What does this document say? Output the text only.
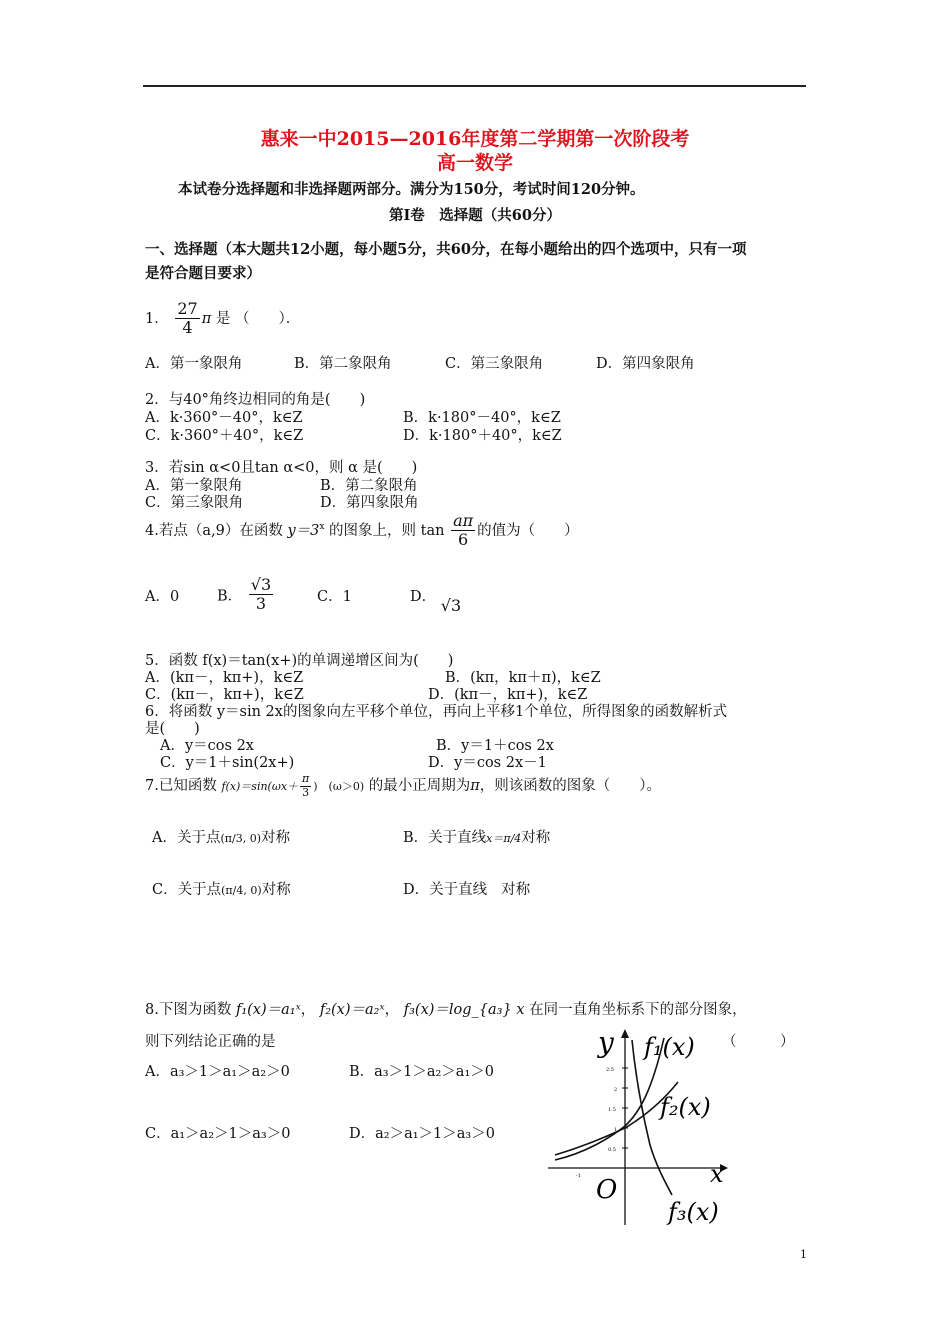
惠来一中2015—2016年度第二学期第一次阶段考
高一数学
本试卷分选择题和非选择题两部分。满分为150分，考试时间120分钟。
第Ⅰ卷　选择题（共60分）
一、选择题（本大题共12小题，每小题5分，共60分，在每小题给出的四个选项中，只有一项
是符合题目要求）
1． $\frac{27}{4}$ π 是 （　　）．
A．第一象限角	B．第二象限角	C．第三象限角	D．第四象限角
2．与40°角终边相同的角是(　　)
A．k·360°－40°，k∈Z	B．k·180°－40°，k∈Z
C．k·360°＋40°，k∈Z	D．k·180°＋40°，k∈Z
3．若sin α<0且tan α<0，则 α 是(　　)
A．第一象限角	B．第二象限角
C．第三象限角	D．第四象限角
4.若点（a,9）在函数 $y=3^x$ 的图象上，则 $\tan \frac{a\pi}{6}$ 的值为（　　）
A．0	B． $\frac{√3}{3}$	C．1	D． √3
5．函数 f(x)＝tan(x+)的单调递增区间为(　　)
A．(kπ－，kπ+)，k∈Z	B．(kπ，kπ＋π)，k∈Z
C．(kπ－，kπ+)，k∈Z	D．(kπ－，kπ+)，k∈Z
6．将函数 y＝sin 2x的图象向左平移个单位，再向上平移1个单位，所得图象的函数解析式
是(　　)
A．y＝cos 2x	B．y＝1＋cos 2x
C．y＝1＋sin(2x+)	D．y＝cos 2x－1
7.已知函数 $f(x)=\sin(\omega x+ \frac{\pi}{3}$ )　(ω＞0) 的最小正周期为π，则该函数的图象（　　）。
A．关于点(π/3, 0)对称	B．关于直线x＝π/4对称
C．关于点(π/4, 0)对称	D．关于直线 对称
8.下图为函数 f₁(x)＝a₁ˣ， f₂(x)＝a₂ˣ， f₃(x)＝log_{a₃} x 在同一直角坐标系下的部分图象，
则下列结论正确的是	（　　　）
A．a₃＞1＞a₁＞a₂＞0	B．a₃＞1＞a₂＞a₁＞0
C．a₁＞a₂＞1＞a₃＞0	D．a₂＞a₁＞1＞a₃＞0
2.5
2
1.5
1
0.5
-1
y
x
O
f₁(x)
f₂(x)
f₃(x)
1
